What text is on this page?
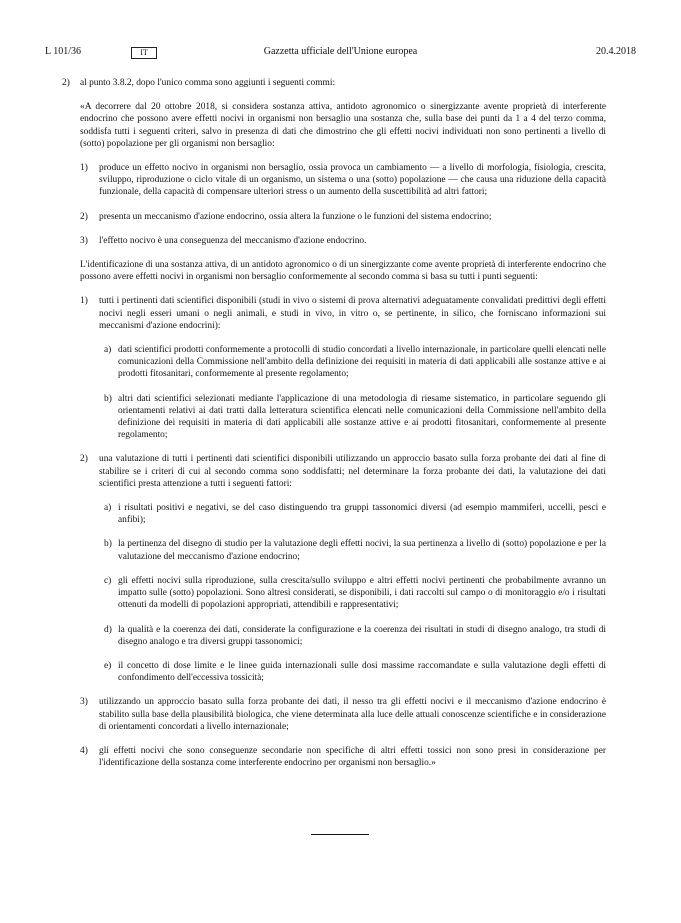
L 101/36	IT	Gazzetta ufficiale dell'Unione europea	20.4.2018
2)	al punto 3.8.2, dopo l'unico comma sono aggiunti i seguenti commi:

«A decorrere dal 20 ottobre 2018, si considera sostanza attiva, antidoto agronomico o sinergizzante avente proprietà di interferente endocrino che possono avere effetti nocivi in organismi non bersaglio una sostanza che, sulla base dei punti da 1 a 4 del terzo comma, soddisfa tutti i seguenti criteri, salvo in presenza di dati che dimostrino che gli effetti nocivi individuati non sono pertinenti a livello di (sotto) popolazione per gli organismi non bersaglio:

1)	produce un effetto nocivo in organismi non bersaglio, ossia provoca un cambiamento — a livello di morfologia, fisiologia, crescita, sviluppo, riproduzione o ciclo vitale di un organismo, un sistema o una (sotto) popolazione — che causa una riduzione della capacità funzionale, della capacità di compensare ulteriori stress o un aumento della suscettibilità ad altri fattori;
2)	presenta un meccanismo d'azione endocrino, ossia altera la funzione o le funzioni del sistema endocrino;
3)	l'effetto nocivo è una conseguenza del meccanismo d'azione endocrino.

L'identificazione di una sostanza attiva, di un antidoto agronomico o di un sinergizzante come avente proprietà di interferente endocrino che possono avere effetti nocivi in organismi non bersaglio conformemente al secondo comma si basa su tutti i punti seguenti:

1)	tutti i pertinenti dati scientifici disponibili (studi in vivo o sistemi di prova alternativi adeguatamente convalidati predittivi degli effetti nocivi negli esseri umani o negli animali, e studi in vivo, in vitro o, se pertinente, in silico, che forniscano informazioni sui meccanismi d'azione endocrini):
a) dati scientifici prodotti conformemente a protocolli di studio concordati a livello internazionale, in particolare quelli elencati nelle comunicazioni della Commissione nell'ambito della definizione dei requisiti in materia di dati applicabili alle sostanze attive e ai prodotti fitosanitari, conformemente al presente regolamento;
b) altri dati scientifici selezionati mediante l'applicazione di una metodologia di riesame sistematico, in particolare seguendo gli orientamenti relativi ai dati tratti dalla letteratura scientifica elencati nelle comunicazioni della Commissione nell'ambito della definizione dei requisiti in materia di dati applicabili alle sostanze attive e ai prodotti fitosanitari, conformemente al presente regolamento;
2)	una valutazione di tutti i pertinenti dati scientifici disponibili utilizzando un approccio basato sulla forza probante dei dati al fine di stabilire se i criteri di cui al secondo comma sono soddisfatti; nel determinare la forza probante dei dati, la valutazione dei dati scientifici presta attenzione a tutti i seguenti fattori:
a) i risultati positivi e negativi, se del caso distinguendo tra gruppi tassonomici diversi (ad esempio mammiferi, uccelli, pesci e anfibi);
b) la pertinenza del disegno di studio per la valutazione degli effetti nocivi, la sua pertinenza a livello di (sotto) popolazione e per la valutazione del meccanismo d'azione endocrino;
c) gli effetti nocivi sulla riproduzione, sulla crescita/sullo sviluppo e altri effetti nocivi pertinenti che probabilmente avranno un impatto sulle (sotto) popolazioni. Sono altresì considerati, se disponibili, i dati raccolti sul campo o di monitoraggio e/o i risultati ottenuti da modelli di popolazioni appropriati, attendibili e rappresentativi;
d) la qualità e la coerenza dei dati, considerate la configurazione e la coerenza dei risultati in studi di disegno analogo, tra studi di disegno analogo e tra diversi gruppi tassonomici;
e) il concetto di dose limite e le linee guida internazionali sulle dosi massime raccomandate e sulla valutazione degli effetti di confondimento dell'eccessiva tossicità;
3)	utilizzando un approccio basato sulla forza probante dei dati, il nesso tra gli effetti nocivi e il meccanismo d'azione endocrino è stabilito sulla base della plausibilità biologica, che viene determinata alla luce delle attuali conoscenze scientifiche e in considerazione di orientamenti concordati a livello internazionale;
4)	gli effetti nocivi che sono conseguenze secondarie non specifiche di altri effetti tossici non sono presi in considerazione per l'identificazione della sostanza come interferente endocrino per organismi non bersaglio.»
